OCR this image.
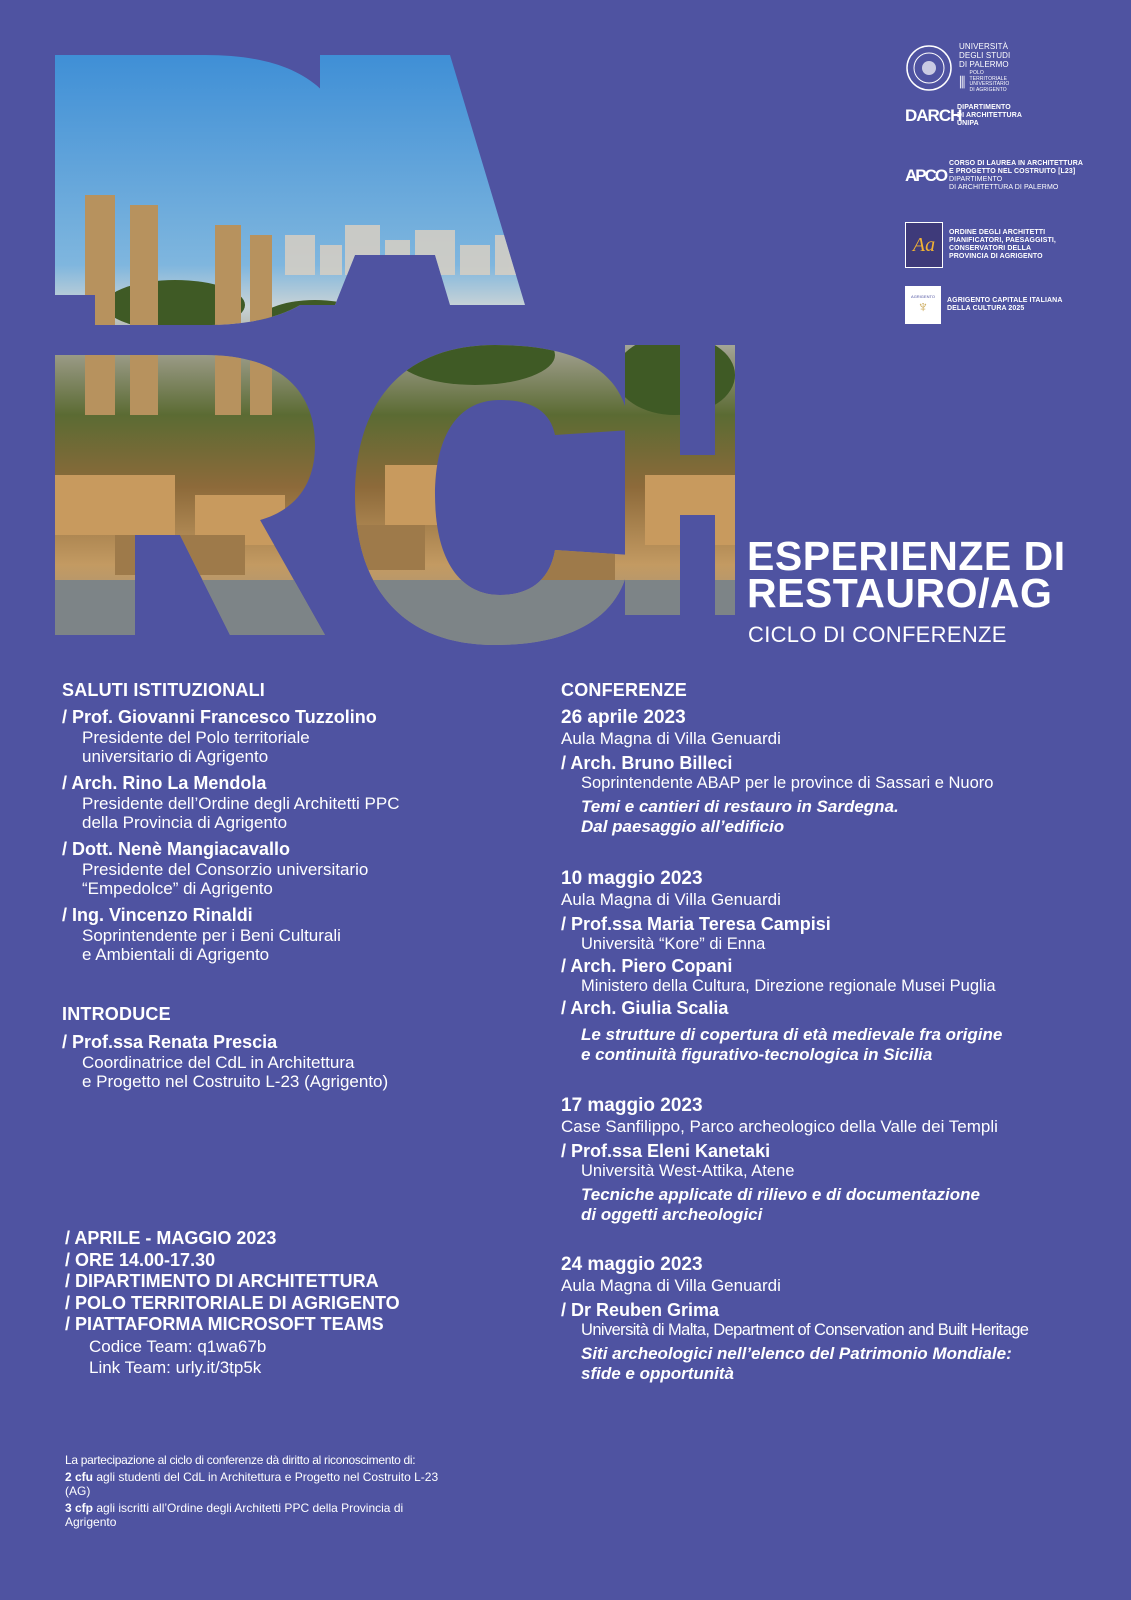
UNIVERSITÀ
DEGLI STUDI
DI PALERMO
⫼
POLO
TERRITORIALE
UNIVERSITARIO
DI AGRIGENTO
DARCH
DIPARTIMENTO
DI ARCHITETTURA
UNIPA
APCO
CORSO DI LAUREA IN ARCHITETTURA
E PROGETTO NEL COSTRUITO [L23]
DIPARTIMENTO
DI ARCHITETTURA DI PALERMO
Aa
ORDINE DEGLI ARCHITETTI
PIANIFICATORI, PAESAGGISTI,
CONSERVATORI DELLA
PROVINCIA DI AGRIGENTO
AGRIGENTO
♆	AGRIGENTO CAPITALE ITALIANA
DELLA CULTURA 2025
ESPERIENZE DI
RESTAURO/AG
CICLO DI CONFERENZE
SALUTI ISTITUZIONALI
/ Prof. Giovanni Francesco Tuzzolino
Presidente del Polo territoriale
universitario di Agrigento
/ Arch. Rino La Mendola
Presidente dell’Ordine degli Architetti PPC
della Provincia di Agrigento
/ Dott. Nenè Mangiacavallo
Presidente del Consorzio universitario
“Empedolce” di Agrigento
/ Ing. Vincenzo Rinaldi
Soprintendente per i Beni Culturali
e Ambientali di Agrigento
INTRODUCE
/ Prof.ssa Renata Prescia
Coordinatrice del CdL in Architettura
e Progetto nel Costruito L-23 (Agrigento)
/ APRILE - MAGGIO 2023
/ ORE 14.00-17.30
/ DIPARTIMENTO DI ARCHITETTURA
/ POLO TERRITORIALE DI AGRIGENTO
/ PIATTAFORMA MICROSOFT TEAMS
Codice Team: q1wa67b
Link Team: urly.it/3tp5k
La partecipazione al ciclo di conferenze dà diritto al riconoscimento di:
2 cfu agli studenti del CdL in Architettura e Progetto nel Costruito L-23 (AG)
3 cfp agli iscritti all’Ordine degli Architetti PPC della Provincia di Agrigento
CONFERENZE
26 aprile 2023
Aula Magna di Villa Genuardi
/ Arch. Bruno Billeci
Soprintendente ABAP per le province di Sassari e Nuoro
Temi e cantieri di restauro in Sardegna.
Dal paesaggio all’edificio
10 maggio 2023
Aula Magna di Villa Genuardi
/ Prof.ssa Maria Teresa Campisi
Università “Kore” di Enna
/ Arch. Piero Copani
Ministero della Cultura, Direzione regionale Musei Puglia
/ Arch. Giulia Scalia
Le strutture di copertura di età medievale fra origine
e continuità figurativo-tecnologica in Sicilia
17 maggio 2023
Case Sanfilippo, Parco archeologico della Valle dei Templi
/ Prof.ssa Eleni Kanetaki
Università West-Attika, Atene
Tecniche applicate di rilievo e di documentazione
di oggetti archeologici
24 maggio 2023
Aula Magna di Villa Genuardi
/ Dr Reuben Grima
Università di Malta, Department of Conservation and Built Heritage
Siti archeologici nell’elenco del Patrimonio Mondiale:
sfide e opportunità
